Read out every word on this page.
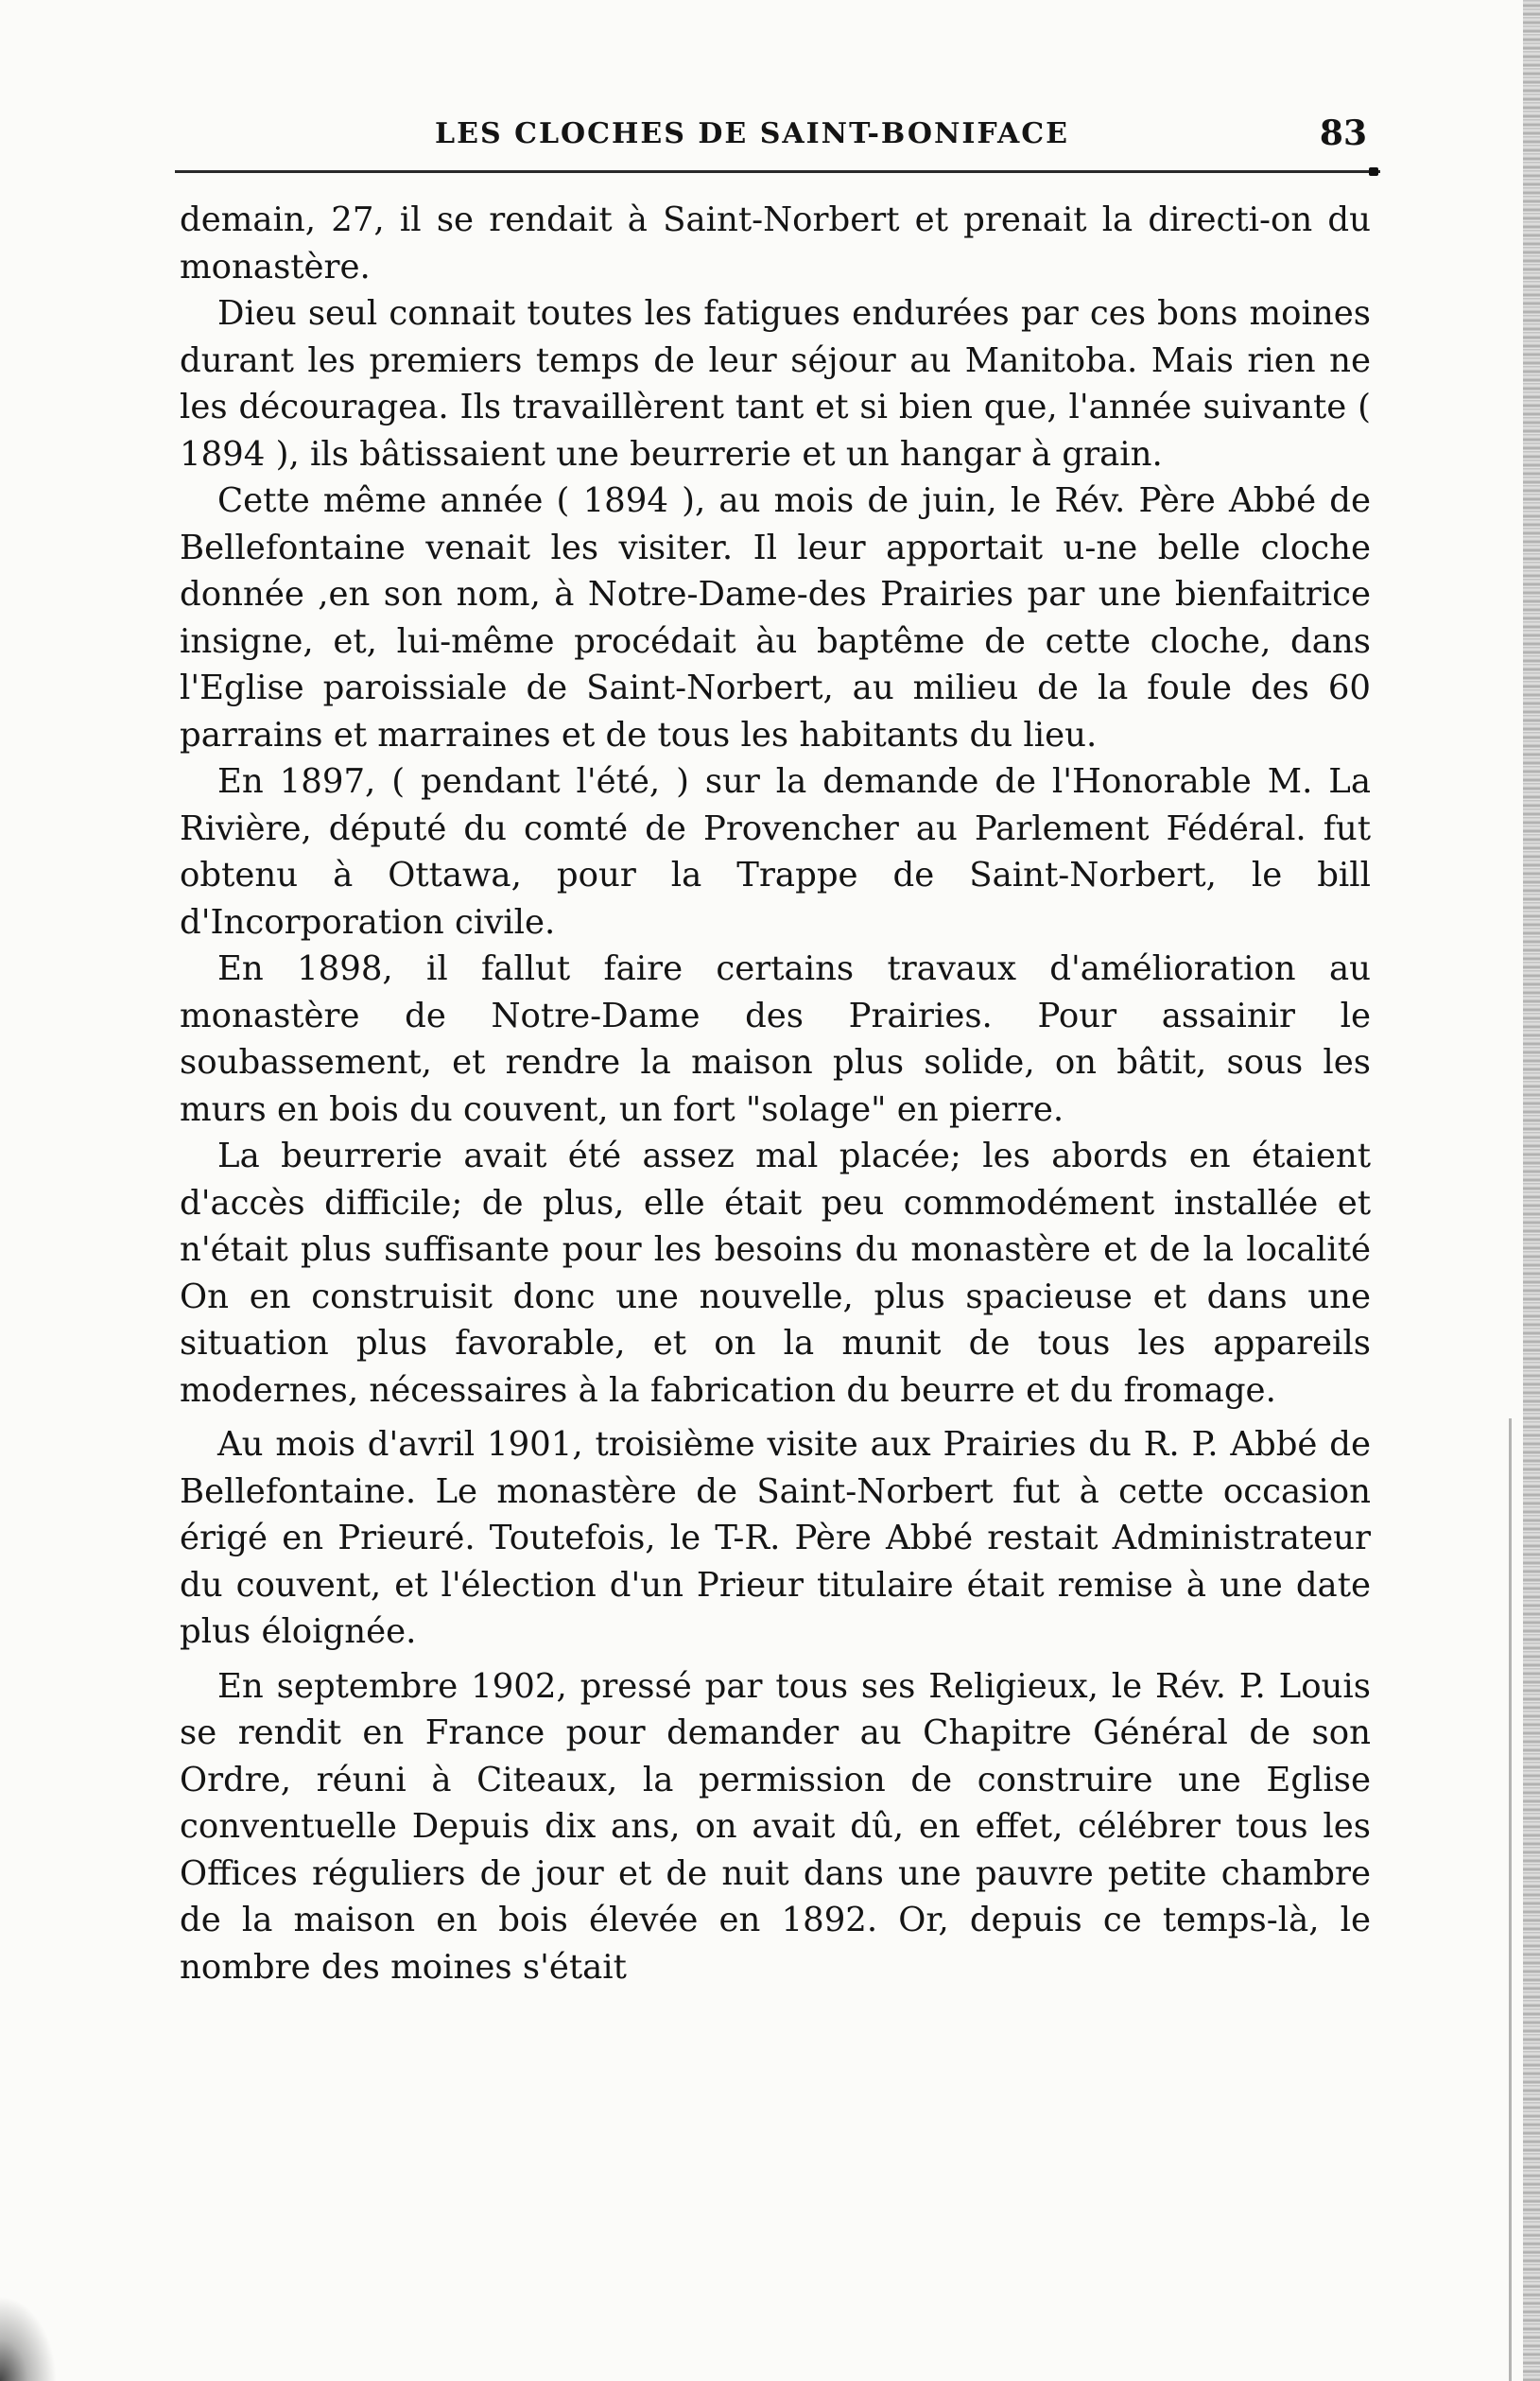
LES CLOCHES DE SAINT-BONIFACE	83

demain, 27, il se rendait à Saint-Norbert et prenait la directi-on du monastère.

Dieu seul connait toutes les fatigues endurées par ces bons moines durant les premiers temps de leur séjour au Manitoba. Mais rien ne les découragea. Ils travaillèrent tant et si bien que, l'année suivante ( 1894 ), ils bâtissaient une beurrerie et un hangar à grain.

Cette même année ( 1894 ), au mois de juin, le Rév. Père Abbé de Bellefontaine venait les visiter. Il leur apportait u-ne belle cloche donnée ,en son nom, à Notre-Dame-des Prairies par une bienfaitrice insigne, et, lui-même procédait àu baptême de cette cloche, dans l'Eglise paroissiale de Saint-Norbert, au milieu de la foule des 60 parrains et marraines et de tous les habitants du lieu.

En 1897, ( pendant l'été, ) sur la demande de l'Honorable M. La Rivière, député du comté de Provencher au Parlement Fédéral. fut obtenu à Ottawa, pour la Trappe de Saint-Norbert, le bill d'Incorporation civile.

En 1898, il fallut faire certains travaux d'amélioration au monastère de Notre-Dame des Prairies. Pour assainir le soubassement, et rendre la maison plus solide, on bâtit, sous les murs en bois du couvent, un fort "solage" en pierre.

La beurrerie avait été assez mal placée; les abords en étaient d'accès difficile; de plus, elle était peu commodément installée et n'était plus suffisante pour les besoins du monastère et de la localité On en construisit donc une nouvelle, plus spacieuse et dans une situation plus favorable, et on la munit de tous les appareils modernes, nécessaires à la fabrication du beurre et du fromage.

Au mois d'avril 1901, troisième visite aux Prairies du R. P. Abbé de Bellefontaine. Le monastère de Saint-Norbert fut à cette occasion érigé en Prieuré. Toutefois, le T-R. Père Abbé restait Administrateur du couvent, et l'élection d'un Prieur titulaire était remise à une date plus éloignée.

En septembre 1902, pressé par tous ses Religieux, le Rév. P. Louis se rendit en France pour demander au Chapitre Général de son Ordre, réuni à Citeaux, la permission de construire une Eglise conventuelle Depuis dix ans, on avait dû, en effet, célébrer tous les Offices réguliers de jour et de nuit dans une pauvre petite chambre de la maison en bois élevée en 1892. Or, depuis ce temps-là, le nombre des moines s'était
